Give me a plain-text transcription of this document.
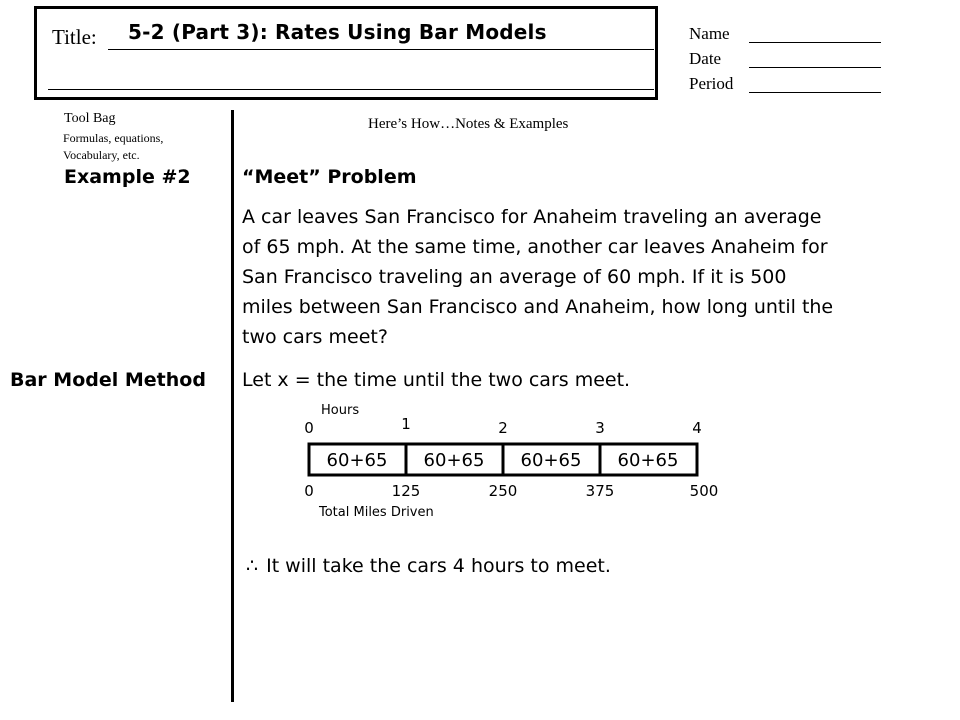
Title: 5-2 (Part 3): Rates Using Bar Models	Name
Date
Period
Tool Bag
Formulas, equations,
Vocabulary, etc.
Here’s How…Notes & Examples
Example #2	“Meet” Problem
A car leaves San Francisco for Anaheim traveling an average
of 65 mph. At the same time, another car leaves Anaheim for
San Francisco traveling an average of 60 mph. If it is 500
miles between San Francisco and Anaheim, how long until the
two cars meet?
Bar Model Method Let x = the time until the two cars meet.
Hours
0	1	2	3	4
60+65 60+65 60+65 60+65
0	125	250	375	500
Total Miles Driven
∴ It will take the cars 4 hours to meet.
